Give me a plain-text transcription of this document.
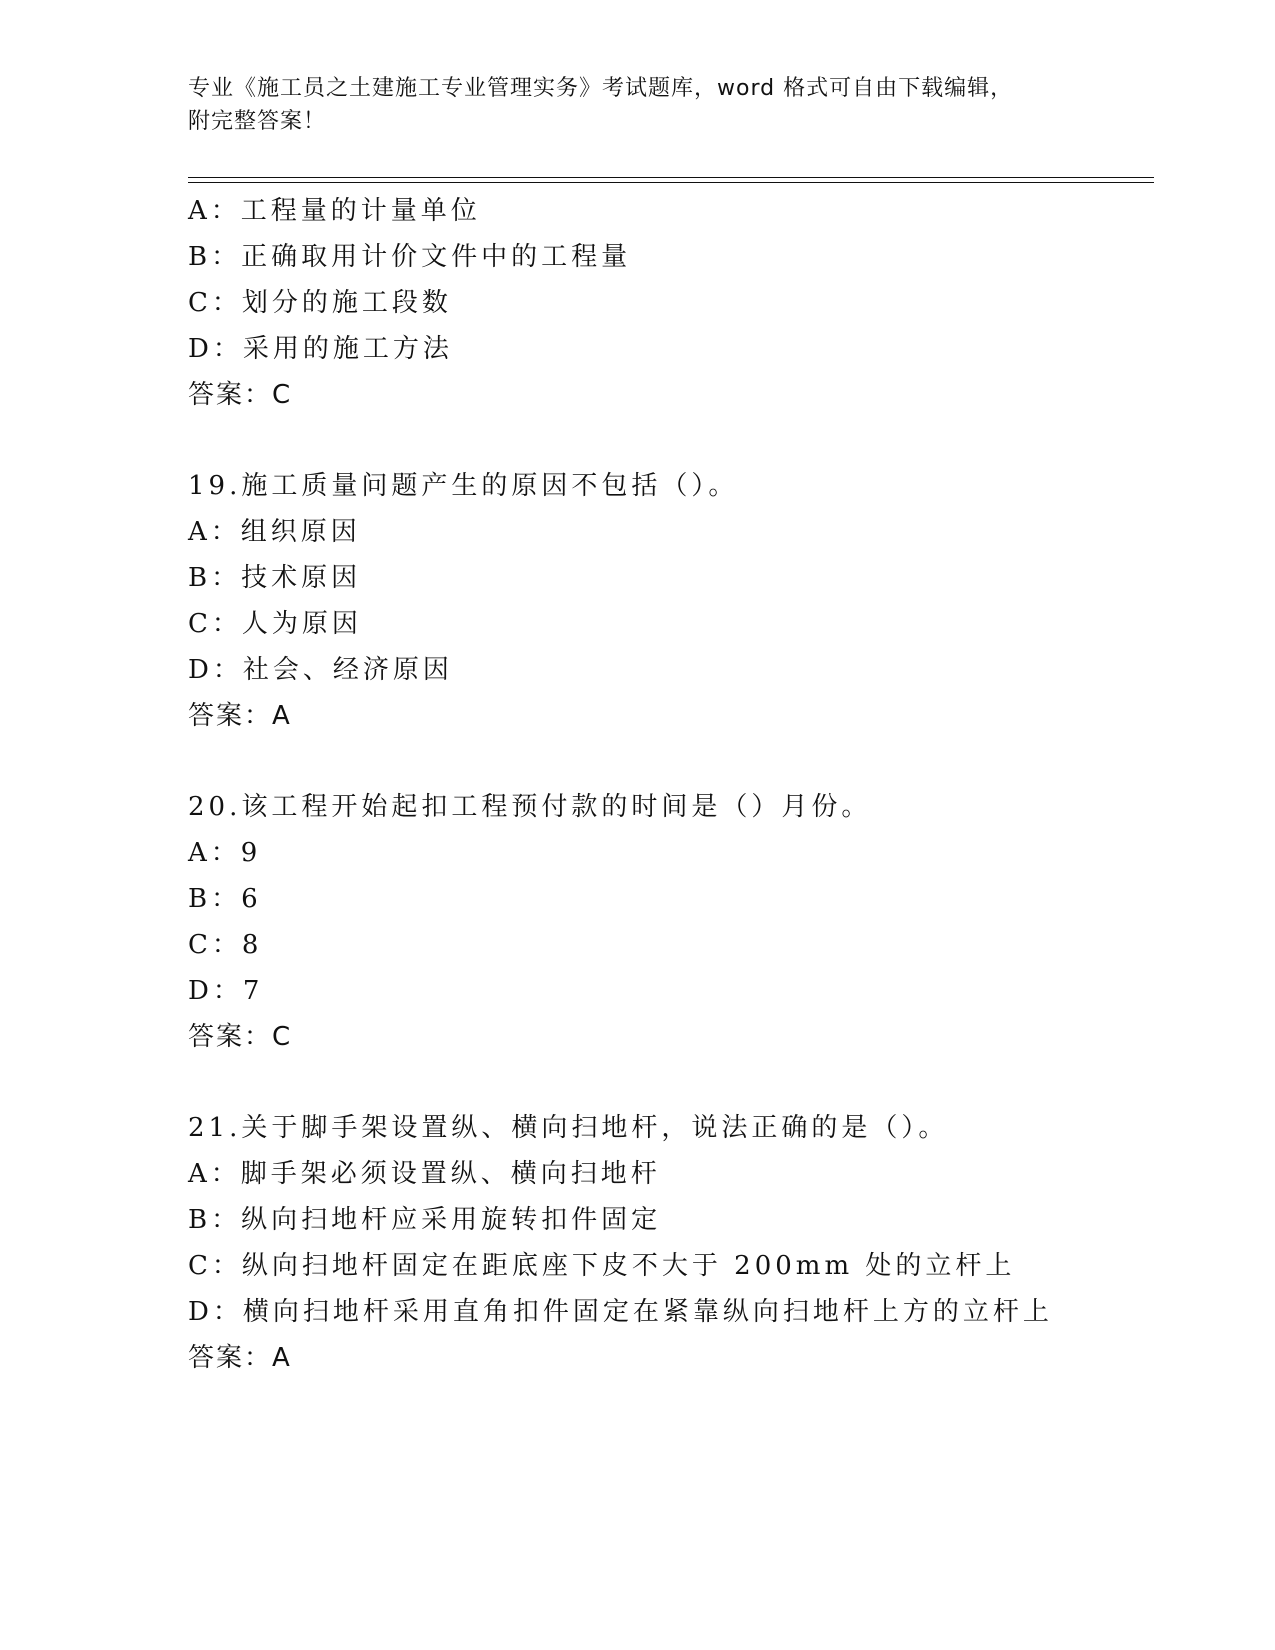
专业《施工员之土建施工专业管理实务》考试题库，word 格式可自由下载编辑，
附完整答案！
A：工程量的计量单位
B：正确取用计价文件中的工程量
C：划分的施工段数
D：采用的施工方法
答案：C
19.施工质量问题产生的原因不包括（）。
A：组织原因
B：技术原因
C：人为原因
D：社会、经济原因
答案：A
20.该工程开始起扣工程预付款的时间是（）月份。
A：9
B：6
C：8
D：7
答案：C
21.关于脚手架设置纵、横向扫地杆，说法正确的是（）。
A：脚手架必须设置纵、横向扫地杆
B：纵向扫地杆应采用旋转扣件固定
C：纵向扫地杆固定在距底座下皮不大于 200mm 处的立杆上
D：横向扫地杆采用直角扣件固定在紧靠纵向扫地杆上方的立杆上
答案：A
